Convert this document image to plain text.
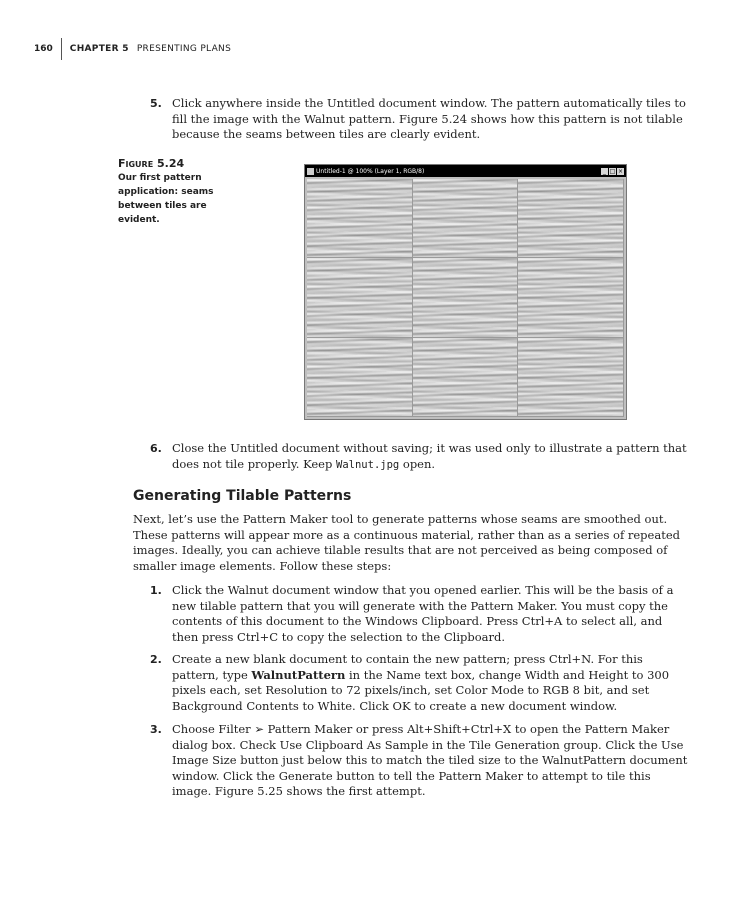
160	CHAPTER 5 PRESENTING PLANS
5. Click anywhere inside the Untitled document window. The pattern automatically tiles to fill the image with the Walnut pattern. Figure 5.24 shows how this pattern is not tilable because the seams between tiles are clearly evident.
Figure 5.24
Our first pattern application: seams between tiles are evident.
Untitled-1 @ 100% (Layer 1, RGB/8)	_ □ ×
6. Close the Untitled document without saving; it was used only to illustrate a pattern that does not tile properly. Keep Walnut.jpg open.
Generating Tilable Patterns
Next, let’s use the Pattern Maker tool to generate patterns whose seams are smoothed out. These patterns will appear more as a continuous material, rather than as a series of repeated images. Ideally, you can achieve tilable results that are not perceived as being composed of smaller image elements. Follow these steps:
1. Click the Walnut document window that you opened earlier. This will be the basis of a new tilable pattern that you will generate with the Pattern Maker. You must copy the contents of this document to the Windows Clipboard. Press Ctrl+A to select all, and then press Ctrl+C to copy the selection to the Clipboard.
2. Create a new blank document to contain the new pattern; press Ctrl+N. For this pattern, type WalnutPattern in the Name text box, change Width and Height to 300 pixels each, set Resolution to 72 pixels/inch, set Color Mode to RGB 8 bit, and set Background Contents to White. Click OK to create a new document window.
3. Choose Filter ➢ Pattern Maker or press Alt+Shift+Ctrl+X to open the Pattern Maker dialog box. Check Use Clipboard As Sample in the Tile Generation group. Click the Use Image Size button just below this to match the tiled size to the WalnutPattern document window. Click the Generate button to tell the Pattern Maker to attempt to tile this image. Figure 5.25 shows the first attempt.
